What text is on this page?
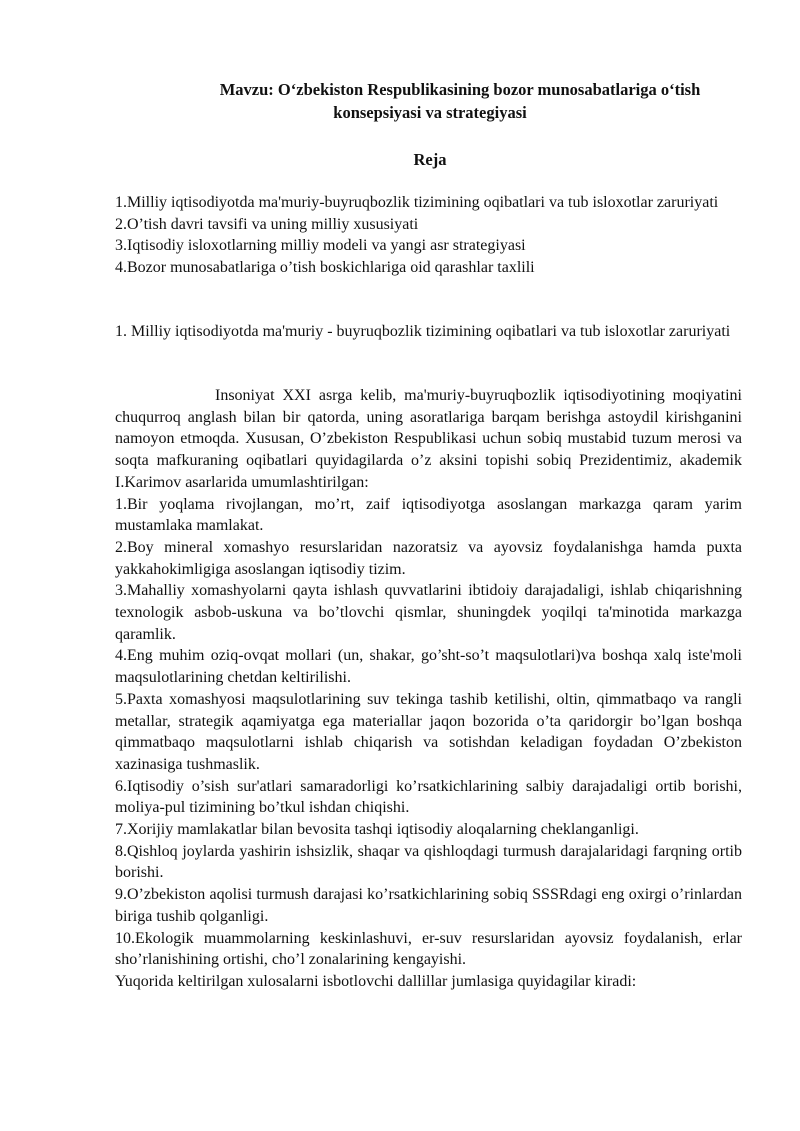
Mavzu: O‘zbekiston Respublikasining bozor munosabatlariga o‘tish
konsepsiyasi va strategiyasi
Reja
1.Milliy iqtisodiyotda ma'muriy-buyruqbozlik tizimining oqibatlari va tub isloxotlar zaruriyati
2.O’tish davri tavsifi va uning milliy xususiyati
3.Iqtisodiy isloxotlarning milliy modeli va yangi asr strategiyasi
4.Bozor munosabatlariga o’tish boskichlariga oid qarashlar taxlili
1. Milliy iqtisodiyotda ma'muriy - buyruqbozlik tizimining oqibatlari va tub isloxotlar zaruriyati

Insoniyat XXI asrga kelib, ma'muriy-buyruqbozlik iqtisodiyotining moqiyatini chuqurroq anglash bilan bir qatorda, uning asoratlariga barqam berishga astoydil kirishganini namoyon etmoqda. Xususan, O’zbekiston Respublikasi uchun sobiq mustabid tuzum merosi va soqta mafkuraning oqibatlari quyidagilarda o’z aksini topishi sobiq Prezidentimiz, akademik I.Karimov asarlarida umumlashtirilgan:

1.Bir yoqlama rivojlangan, mo’rt, zaif iqtisodiyotga asoslangan markazga qaram yarim mustamlaka mamlakat.

2.Boy mineral xomashyo resurslaridan nazoratsiz va ayovsiz foydalanishga hamda puxta yakkahokimligiga asoslangan iqtisodiy tizim.

3.Mahalliy xomashyolarni qayta ishlash quvvatlarini ibtidoiy darajadaligi, ishlab chiqarishning texnologik asbob-uskuna va bo’tlovchi qismlar, shuningdek yoqilqi ta'minotida markazga qaramlik.

4.Eng muhim oziq-ovqat mollari (un, shakar, go’sht-so’t maqsulotlari)va boshqa xalq iste'moli maqsulotlarining chetdan keltirilishi.

5.Paxta xomashyosi maqsulotlarining suv tekinga tashib ketilishi, oltin, qimmatbaqo va rangli metallar, strategik aqamiyatga ega materiallar jaqon bozorida o’ta qaridorgir bo’lgan boshqa qimmatbaqo maqsulotlarni ishlab chiqarish va sotishdan keladigan foydadan O’zbekiston xazinasiga tushmaslik.

6.Iqtisodiy o’sish sur'atlari samaradorligi ko’rsatkichlarining salbiy darajadaligi ortib borishi, moliya-pul tizimining bo’tkul ishdan chiqishi.

7.Xorijiy mamlakatlar bilan bevosita tashqi iqtisodiy aloqalarning cheklanganligi.

8.Qishloq joylarda yashirin ishsizlik, shaqar va qishloqdagi turmush darajalaridagi farqning ortib borishi.

9.O’zbekiston aqolisi turmush darajasi ko’rsatkichlarining sobiq SSSRdagi eng oxirgi o’rinlardan biriga tushib qolganligi.

10.Ekologik muammolarning keskinlashuvi, er-suv resurslaridan ayovsiz foydalanish, erlar sho’rlanishining ortishi, cho’l zonalarining kengayishi.

Yuqorida keltirilgan xulosalarni isbotlovchi dallillar jumlasiga quyidagilar kiradi:
